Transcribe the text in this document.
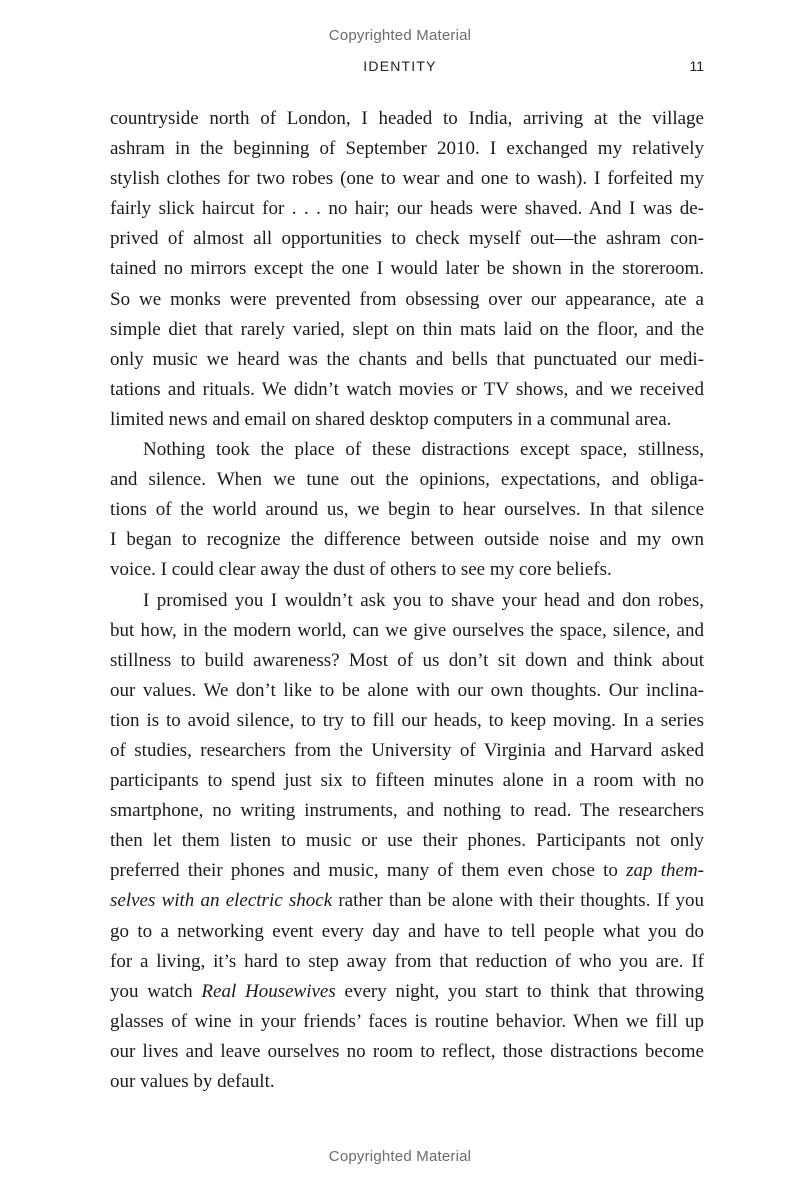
Copyrighted Material
IDENTITY	11
countryside north of London, I headed to India, arriving at the village
ashram in the beginning of September 2010. I exchanged my relatively
stylish clothes for two robes (one to wear and one to wash). I forfeited my
fairly slick haircut for . . . no hair; our heads were shaved. And I was de-
prived of almost all opportunities to check myself out—the ashram con-
tained no mirrors except the one I would later be shown in the storeroom.
So we monks were prevented from obsessing over our appearance, ate a
simple diet that rarely varied, slept on thin mats laid on the floor, and the
only music we heard was the chants and bells that punctuated our medi-
tations and rituals. We didn’t watch movies or TV shows, and we received
limited news and email on shared desktop computers in a communal area.
Nothing took the place of these distractions except space, stillness,
and silence. When we tune out the opinions, expectations, and obliga-
tions of the world around us, we begin to hear ourselves. In that silence
I began to recognize the difference between outside noise and my own
voice. I could clear away the dust of others to see my core beliefs.
I promised you I wouldn’t ask you to shave your head and don robes,
but how, in the modern world, can we give ourselves the space, silence, and
stillness to build awareness? Most of us don’t sit down and think about
our values. We don’t like to be alone with our own thoughts. Our inclina-
tion is to avoid silence, to try to fill our heads, to keep moving. In a series
of studies, researchers from the University of Virginia and Harvard asked
participants to spend just six to fifteen minutes alone in a room with no
smartphone, no writing instruments, and nothing to read. The researchers
then let them listen to music or use their phones. Participants not only
preferred their phones and music, many of them even chose to zap them-
selves with an electric shock rather than be alone with their thoughts. If you
go to a networking event every day and have to tell people what you do
for a living, it’s hard to step away from that reduction of who you are. If
you watch Real Housewives every night, you start to think that throwing
glasses of wine in your friends’ faces is routine behavior. When we fill up
our lives and leave ourselves no room to reflect, those distractions become
our values by default.
Copyrighted Material
